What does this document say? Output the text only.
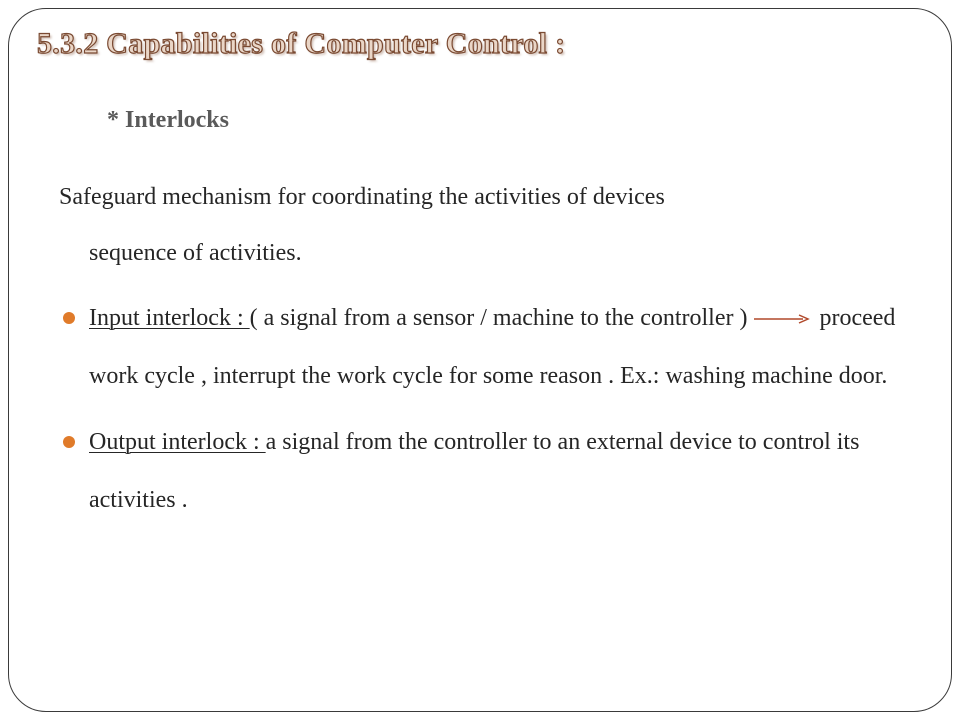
5.3.2 Capabilities of Computer Control :
* Interlocks

Safeguard mechanism for coordinating the activities of devices
sequence of activities.

Input interlock : ( a signal from a sensor / machine to the controller )	proceed work cycle , interrupt the work cycle for some reason . Ex.: washing machine door.
Output interlock : a signal from the controller to an external device to control its activities .
